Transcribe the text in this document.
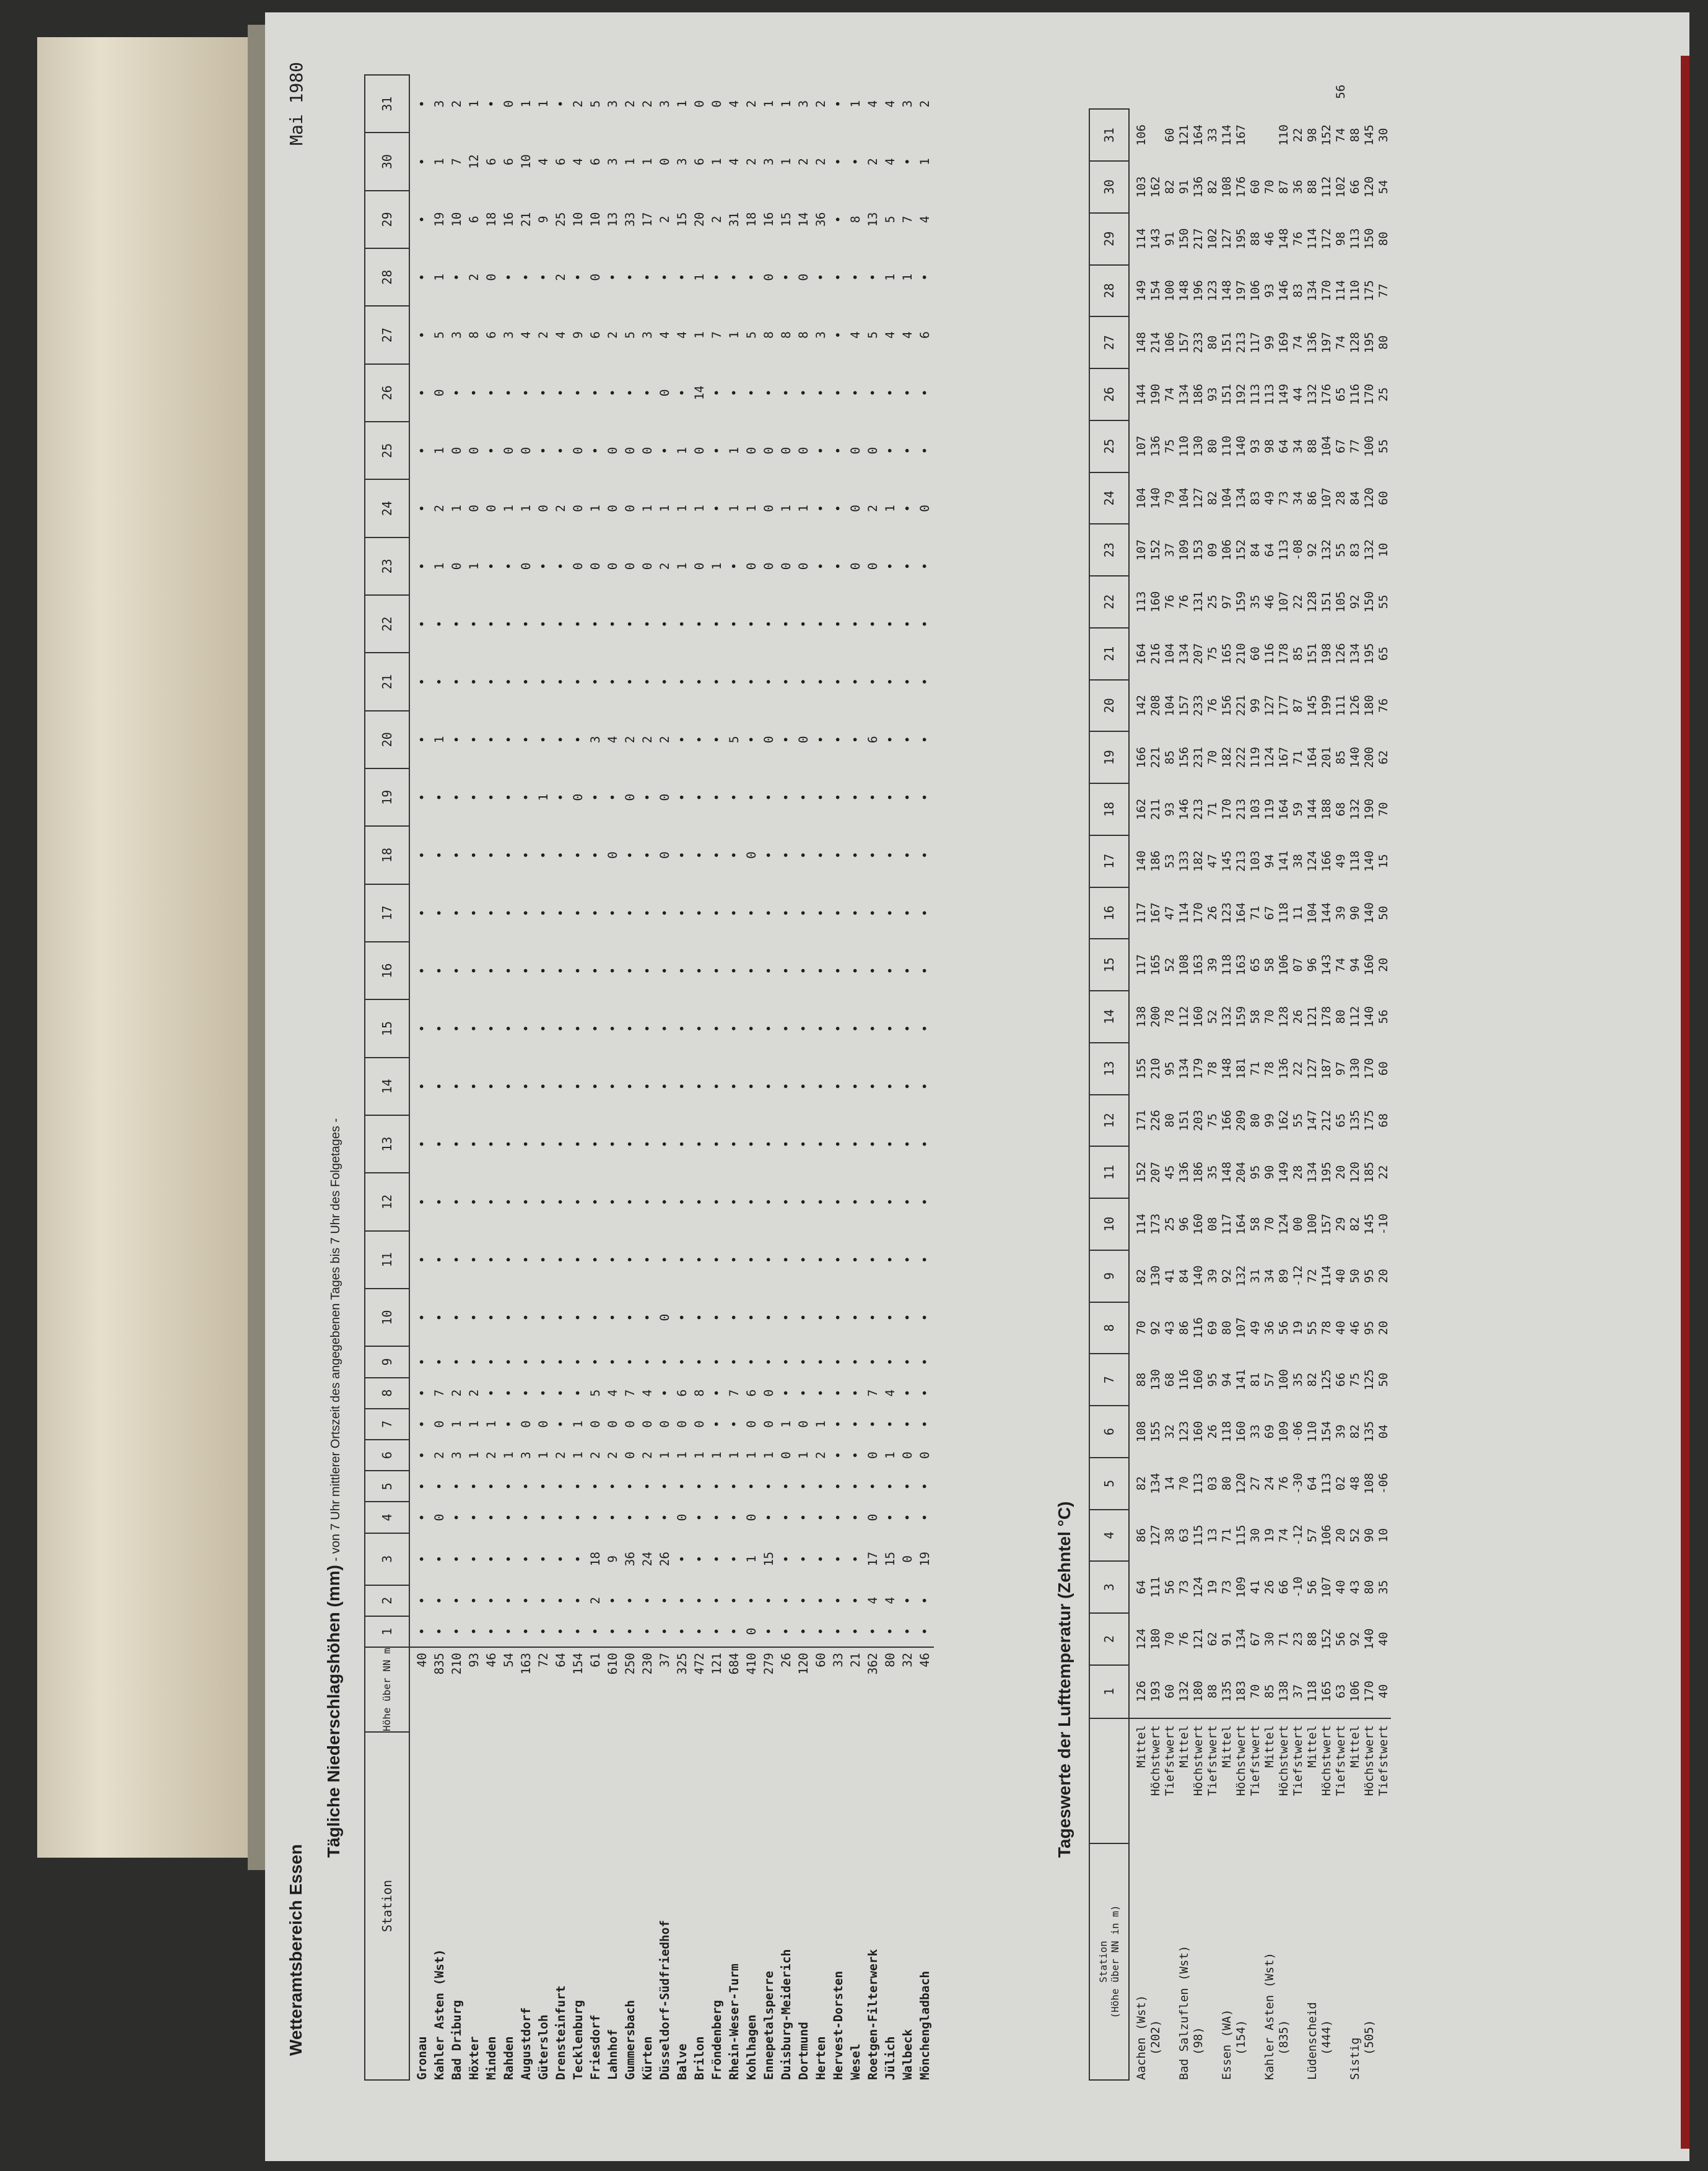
Wetteramtsbereich Essen
Mai 1980
Tägliche Niederschlagshöhen (mm) - von 7 Uhr mittlerer Ortszeit des angegebenen Tages bis 7 Uhr des Folgetages -
Station	Höhe über NN m	1	2	3	4	5	6	7	8	9	10	11	12	13	14	15	16	17	18	19	20	21	22	23	24	25	26	27	28	29	30	31
Gronau	40	•	•	•	•	•	•	•	•	•	•	•	•	•	•	•	•	•	•	•	•	•	•	•	•	•	•	•	•	•	•	•
Kahler Asten (Wst)	835	•	•	•	0	•	2	0	7	•	•	•	•	•	•	•	•	•	•	•	1	•	•	1	2	1	0	5	1	19	1	3
Bad Driburg	210	•	•	•	•	•	3	1	2	•	•	•	•	•	•	•	•	•	•	•	•	•	•	0	1	0	•	3	•	10	7	2
Höxter	93	•	•	•	•	•	1	1	2	•	•	•	•	•	•	•	•	•	•	•	•	•	•	1	0	0	•	8	2	6	12	1
Minden	46	•	•	•	•	•	2	1	•	•	•	•	•	•	•	•	•	•	•	•	•	•	•	•	0	•	•	6	0	18	6	•
Rahden	54	•	•	•	•	•	1	•	•	•	•	•	•	•	•	•	•	•	•	•	•	•	•	•	1	0	•	3	•	16	6	0
Augustdorf	163	•	•	•	•	•	3	0	•	•	•	•	•	•	•	•	•	•	•	•	•	•	•	0	1	0	•	4	•	21	10	1
Gütersloh	72	•	•	•	•	•	1	0	•	•	•	•	•	•	•	•	•	•	•	1	•	•	•	•	0	•	•	2	•	9	4	1
Drensteinfurt	64	•	•	•	•	•	2	•	•	•	•	•	•	•	•	•	•	•	•	•	•	•	•	•	2	•	•	4	2	25	6	•
Tecklenburg	154	•	•	•	•	•	1	1	•	•	•	•	•	•	•	•	•	•	•	0	•	•	•	0	0	0	•	9	•	10	4	2
Friesdorf	61	•	2	18	•	•	2	0	5	•	•	•	•	•	•	•	•	•	•	•	3	•	•	0	1	•	•	6	0	10	6	5
Lahnhof	610	•	•	9	•	•	2	0	4	•	•	•	•	•	•	•	•	•	0	•	4	•	•	0	0	0	•	2	•	13	3	3
Gummersbach	250	•	•	36	•	•	0	0	7	•	•	•	•	•	•	•	•	•	•	0	2	•	•	0	0	0	•	5	•	33	1	2
Kürten	230	•	•	24	•	•	2	0	4	•	•	•	•	•	•	•	•	•	•	•	2	•	•	0	1	0	•	3	•	17	1	2
Düsseldorf-Südfriedhof	37	•	•	26	•	•	1	0	•	•	0	•	•	•	•	•	•	•	0	0	2	•	•	2	1	•	0	4	•	2	0	3
Balve	325	•	•	•	0	•	1	0	6	•	•	•	•	•	•	•	•	•	•	•	•	•	•	1	1	1	•	4	•	15	3	1
Brilon	472	•	•	•	•	•	1	0	8	•	•	•	•	•	•	•	•	•	•	•	•	•	•	0	1	0	14	1	1	20	6	0
Fröndenberg	121	•	•	•	•	•	1	•	•	•	•	•	•	•	•	•	•	•	•	•	•	•	•	1	•	•	•	7	•	2	1	0
Rhein-Weser-Turm	684	•	•	•	•	•	1	•	7	•	•	•	•	•	•	•	•	•	•	•	5	•	•	•	1	1	•	1	•	31	4	4
Kohlhagen	410	0	•	1	0	•	1	0	6	•	•	•	•	•	•	•	•	•	0	•	•	•	•	0	1	0	•	5	•	18	2	2
Ennepetalsperre	279	•	•	15	•	•	1	0	0	•	•	•	•	•	•	•	•	•	•	•	0	•	•	0	0	0	•	8	0	16	3	1
Duisburg-Meiderich	26	•	•	•	•	•	0	1	•	•	•	•	•	•	•	•	•	•	•	•	•	•	•	0	1	0	•	8	•	15	1	1
Dortmund	120	•	•	•	•	•	1	0	•	•	•	•	•	•	•	•	•	•	•	•	0	•	•	0	1	0	•	8	0	14	2	3
Herten	60	•	•	•	•	•	2	1	•	•	•	•	•	•	•	•	•	•	•	•	•	•	•	•	•	•	•	3	•	36	2	2
Hervest-Dorsten	33	•	•	•	•	•	•	•	•	•	•	•	•	•	•	•	•	•	•	•	•	•	•	•	•	•	•	•	•	•	•	•
Wesel	21	•	•	•	•	•	•	•	•	•	•	•	•	•	•	•	•	•	•	•	•	•	•	0	0	0	•	4	•	8	•	1
Roetgen-Filterwerk	362	•	4	17	0	•	0	•	7	•	•	•	•	•	•	•	•	•	•	•	6	•	•	0	2	0	•	5	•	13	2	4
Jülich	80	•	4	15	•	•	1	•	4	•	•	•	•	•	•	•	•	•	•	•	•	•	•	•	1	•	•	4	1	5	4	4
Walbeck	32	•	•	0	•	•	0	•	•	•	•	•	•	•	•	•	•	•	•	•	•	•	•	•	•	•	•	4	1	7	•	3
Mönchengladbach	46	•	•	19	•	•	0	•	•	•	•	•	•	•	•	•	•	•	•	•	•	•	•	•	0	•	•	6	•	4	1	2
Tageswerte der Lufttemperatur (Zehntel °C)
Station
(Höhe über NN in m)		1	2	3	4	5	6	7	8	9	10	11	12	13	14	15	16	17	18	19	20	21	22	23	24	25	26	27	28	29	30	31	
Aachen (Wst) (202)	Mittel	126	124	64	86	82	108	88	70	82	114	152	171	155	138	117	117	140	162	166	142	164	113	107	104	107	144	148	149	114	103	106	
	Höchstwert	193	180	111	127	134	155	130	92	130	173	207	226	210	200	165	167	186	211	221	208	216	160	152	140	136	190	214	154	143	162		
	Tiefstwert	60	70	56	38	14	32	68	43	41	25	45	80	95	78	52	47	53	93	85	104	104	76	37	79	75	74	106	100	91	82	60	
Bad Salzuflen (Wst) (98)	Mittel	132	76	73	63	70	123	116	86	84	96	136	151	134	112	108	114	133	146	156	157	134	76	109	104	110	134	157	148	150	91	121	
	Höchstwert	180	121	124	115	113	160	160	116	140	160	186	203	179	160	163	170	182	213	231	233	207	131	153	127	130	186	233	196	217	136	164	
	Tiefstwert	88	62	19	13	03	26	95	69	39	08	35	75	78	52	39	26	47	71	70	76	75	25	09	82	80	93	80	123	102	82	33	
Essen (WA) (154)	Mittel	135	91	73	71	80	118	94	80	92	117	148	166	148	132	118	123	145	170	182	156	165	97	106	104	110	151	151	148	127	108	114	
	Höchstwert	183	134	109	115	120	160	141	107	132	164	204	209	181	159	163	164	213	213	222	221	210	159	152	134	140	192	213	197	195	176	167	
	Tiefstwert	70	67	41	30	27	33	81	49	31	58	95	80	71	58	65	71	103	103	119	99	60	35	84	83	93	113	117	106	88	60		
Kahler Asten (Wst) (835)	Mittel	85	30	26	19	24	69	57	36	34	70	90	99	78	70	58	67	94	119	124	127	116	46	64	49	98	113	99	93	46	70		
	Höchstwert	138	71	66	74	76	109	100	56	89	124	149	162	136	128	106	118	141	164	167	177	178	107	113	73	64	149	169	146	148	87	110	
	Tiefstwert	37	23	-10	-12	-30	-06	35	19	-12	00	28	55	22	26	07	11	38	59	71	87	85	22	-08	34	34	44	74	83	76	36	22	
Lüdenscheid (444)	Mittel	118	88	56	57	64	110	82	55	72	100	134	147	127	121	96	104	124	144	164	145	151	128	92	86	88	132	136	134	114	88	98	
	Höchstwert	165	152	107	106	113	154	125	78	114	157	195	212	187	178	143	144	166	188	201	199	198	151	132	107	104	176	197	170	172	112	152	
	Tiefstwert	63	56	40	20	02	39	66	40	40	29	20	65	97	80	74	39	49	68	85	111	126	105	55	28	67	65	74	114	98	102	74	56
Sistig (505)	Mittel	106	92	43	52	48	82	75	46	50	82	120	135	130	112	94	90	118	132	140	126	134	92	83	84	77	116	128	110	113	66	88	
	Höchstwert	170	140	80	90	108	135	125	95	95	145	185	175	170	140	160	140	140	190	200	180	195	150	132	120	100	170	195	175	150	120	145	
	Tiefstwert	40	40	35	10	-06	04	50	20	20	-10	22	68	60	56	20	50	15	70	62	76	65	55	10	60	55	25	80	77	80	54	30	
